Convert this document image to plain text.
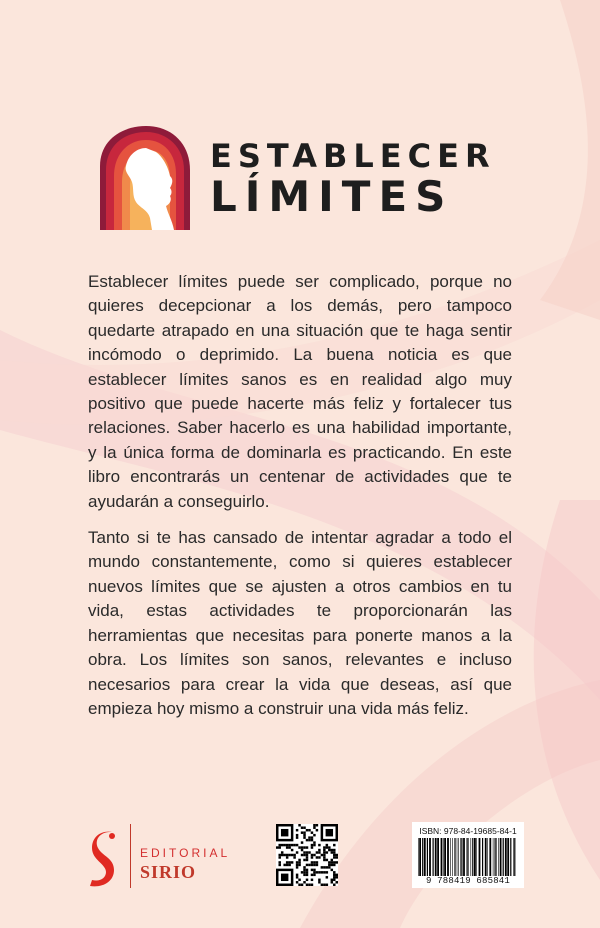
ESTABLECER
LÍMITES

Establecer límites puede ser complicado, porque no quieres decepcionar a los demás, pero tampoco quedarte atrapado en una situación que te haga sentir incómodo o deprimido. La buena noticia es que establecer límites sanos es en realidad algo muy positivo que puede hacerte más feliz y fortalecer tus relaciones. Saber hacerlo es una habilidad importante, y la única forma de dominarla es practicando. En este libro encontrarás un centenar de actividades que te ayudarán a conseguirlo.

Tanto si te has cansado de intentar agradar a todo el mundo constantemente, como si quieres establecer nuevos límites que se ajusten a otros cambios en tu vida, estas actividades te proporcionarán las herramientas que necesitas para ponerte manos a la obra. Los límites son sanos, relevantes e incluso necesarios para crear la vida que deseas, así que empieza hoy mismo a construir una vida más feliz.

EDITORIAL
SIRIO
ISBN: 978-84-19685-84-1
9 788419 685841
